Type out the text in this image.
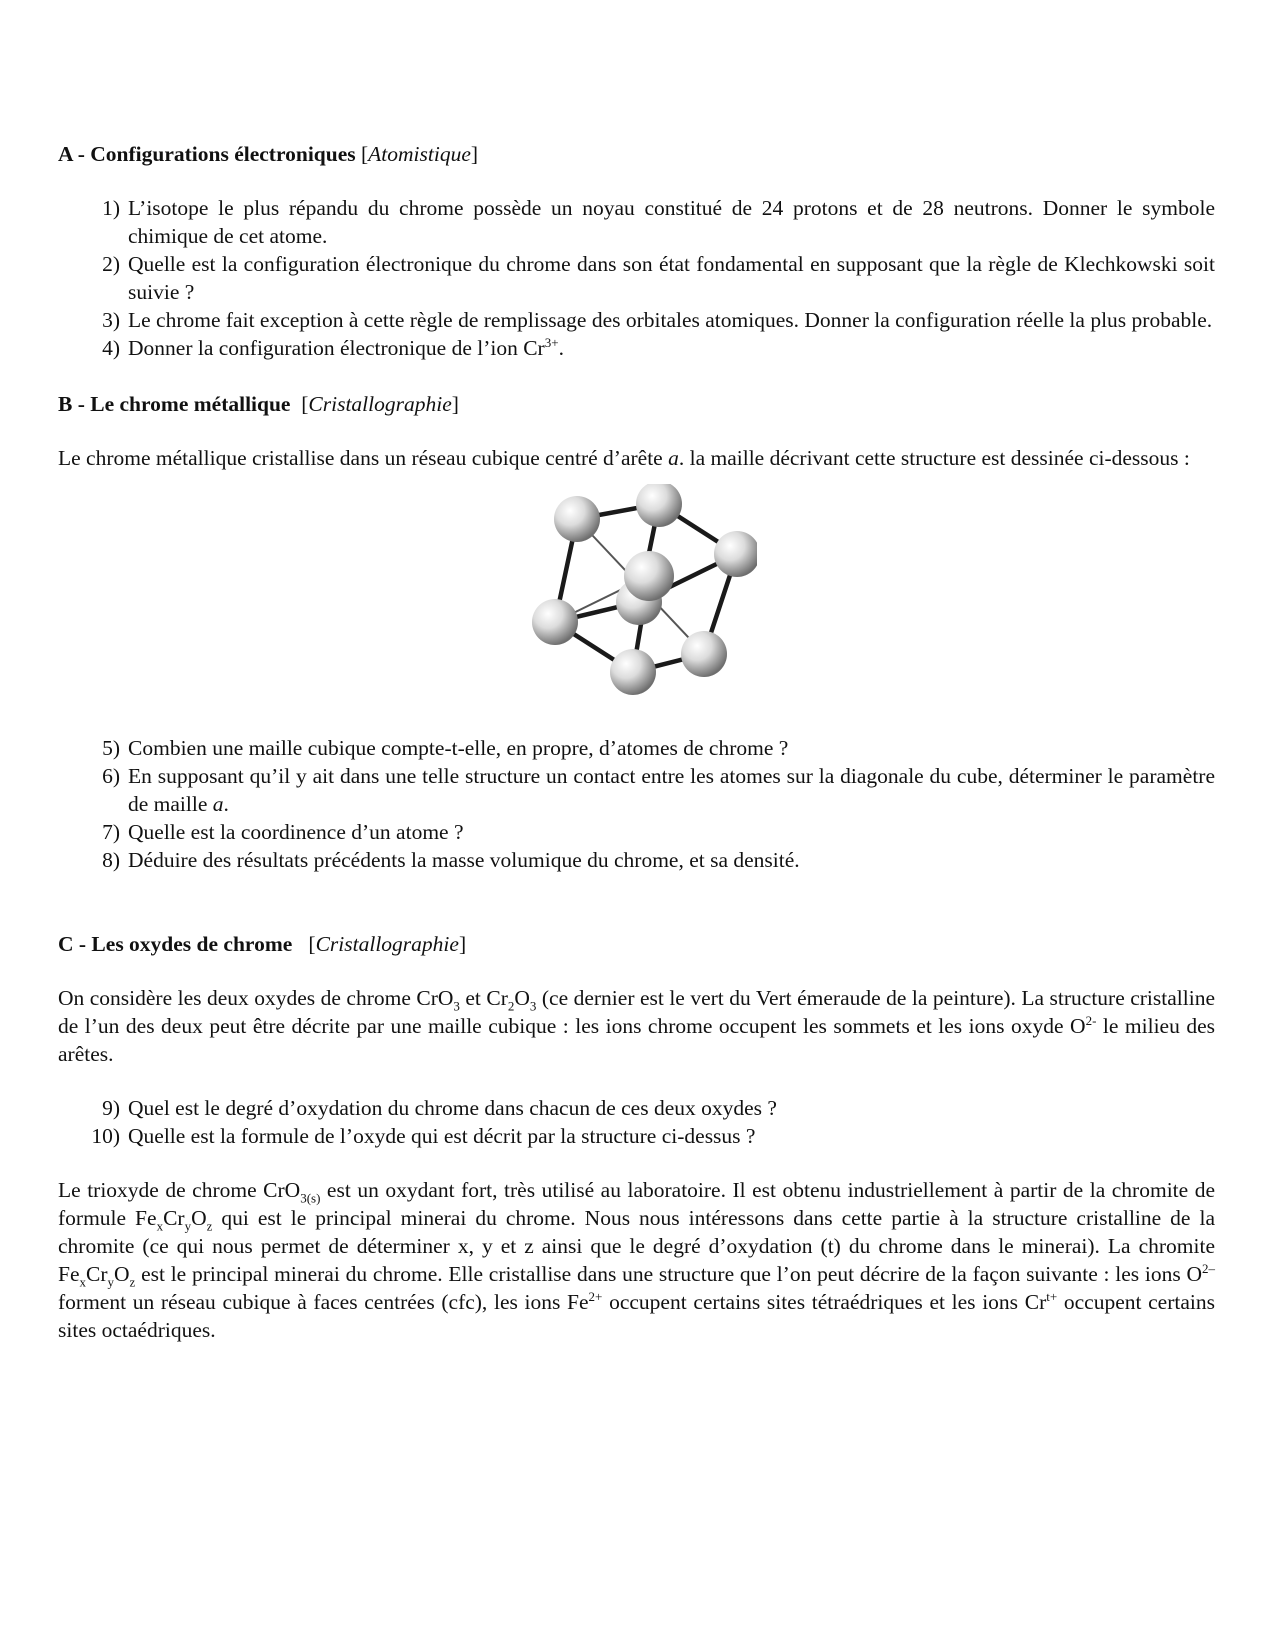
A - Configurations électroniques [Atomistique]
1) L’isotope le plus répandu du chrome possède un noyau constitué de 24 protons et de 28 neutrons. Donner le symbole chimique de cet atome.
2) Quelle est la configuration électronique du chrome dans son état fondamental en supposant que la règle de Klechkowski soit suivie ?
3) Le chrome fait exception à cette règle de remplissage des orbitales atomiques. Donner la configuration réelle la plus probable.
4) Donner la configuration électronique de l’ion $Cr^{3+}$.
B - Le chrome métallique [Cristallographie]

Le chrome métallique cristallise dans un réseau cubique centré d’arête a. la maille décrivant cette structure est dessinée ci-dessous :

5) Combien une maille cubique compte-t-elle, en propre, d’atomes de chrome ?
6) En supposant qu’il y ait dans une telle structure un contact entre les atomes sur la diagonale du cube, déterminer le paramètre de maille a.
7) Quelle est la coordinence d’un atome ?
8) Déduire des résultats précédents la masse volumique du chrome, et sa densité.
C - Les oxydes de chrome [Cristallographie]

On considère les deux oxydes de chrome CrO$_3$ et $Cr_2O_3$ (ce dernier est le vert du Vert émeraude de la peinture). La structure cristalline de l’un des deux peut être décrite par une maille cubique : les ions chrome occupent les sommets et les ions oxyde $O^{2-}$ le milieu des arêtes.

9) Quel est le degré d’oxydation du chrome dans chacun de ces deux oxydes ?
10) Quelle est la formule de l’oxyde qui est décrit par la structure ci-dessus ?

Le trioxyde de chrome CrO$_{3(s)}$ est un oxydant fort, très utilisé au laboratoire. Il est obtenu industriellement à partir de la chromite de formule $Fe_xCr_yO_z$ qui est le principal minerai du chrome. Nous nous intéressons dans cette partie à la structure cristalline de la chromite (ce qui nous permet de déterminer x, y et z ainsi que le degré d’oxydation (t) du chrome dans le minerai). La chromite $Fe_xCr_yO_z$ est le principal minerai du chrome. Elle cristallise dans une structure que l’on peut décrire de la façon suivante : les ions $O^{2-}$ forment un réseau cubique à faces centrées (cfc), les ions $Fe^{2+}$ occupent certains sites tétraédriques et les ions $Cr^{t+}$ occupent certains sites octaédriques.
